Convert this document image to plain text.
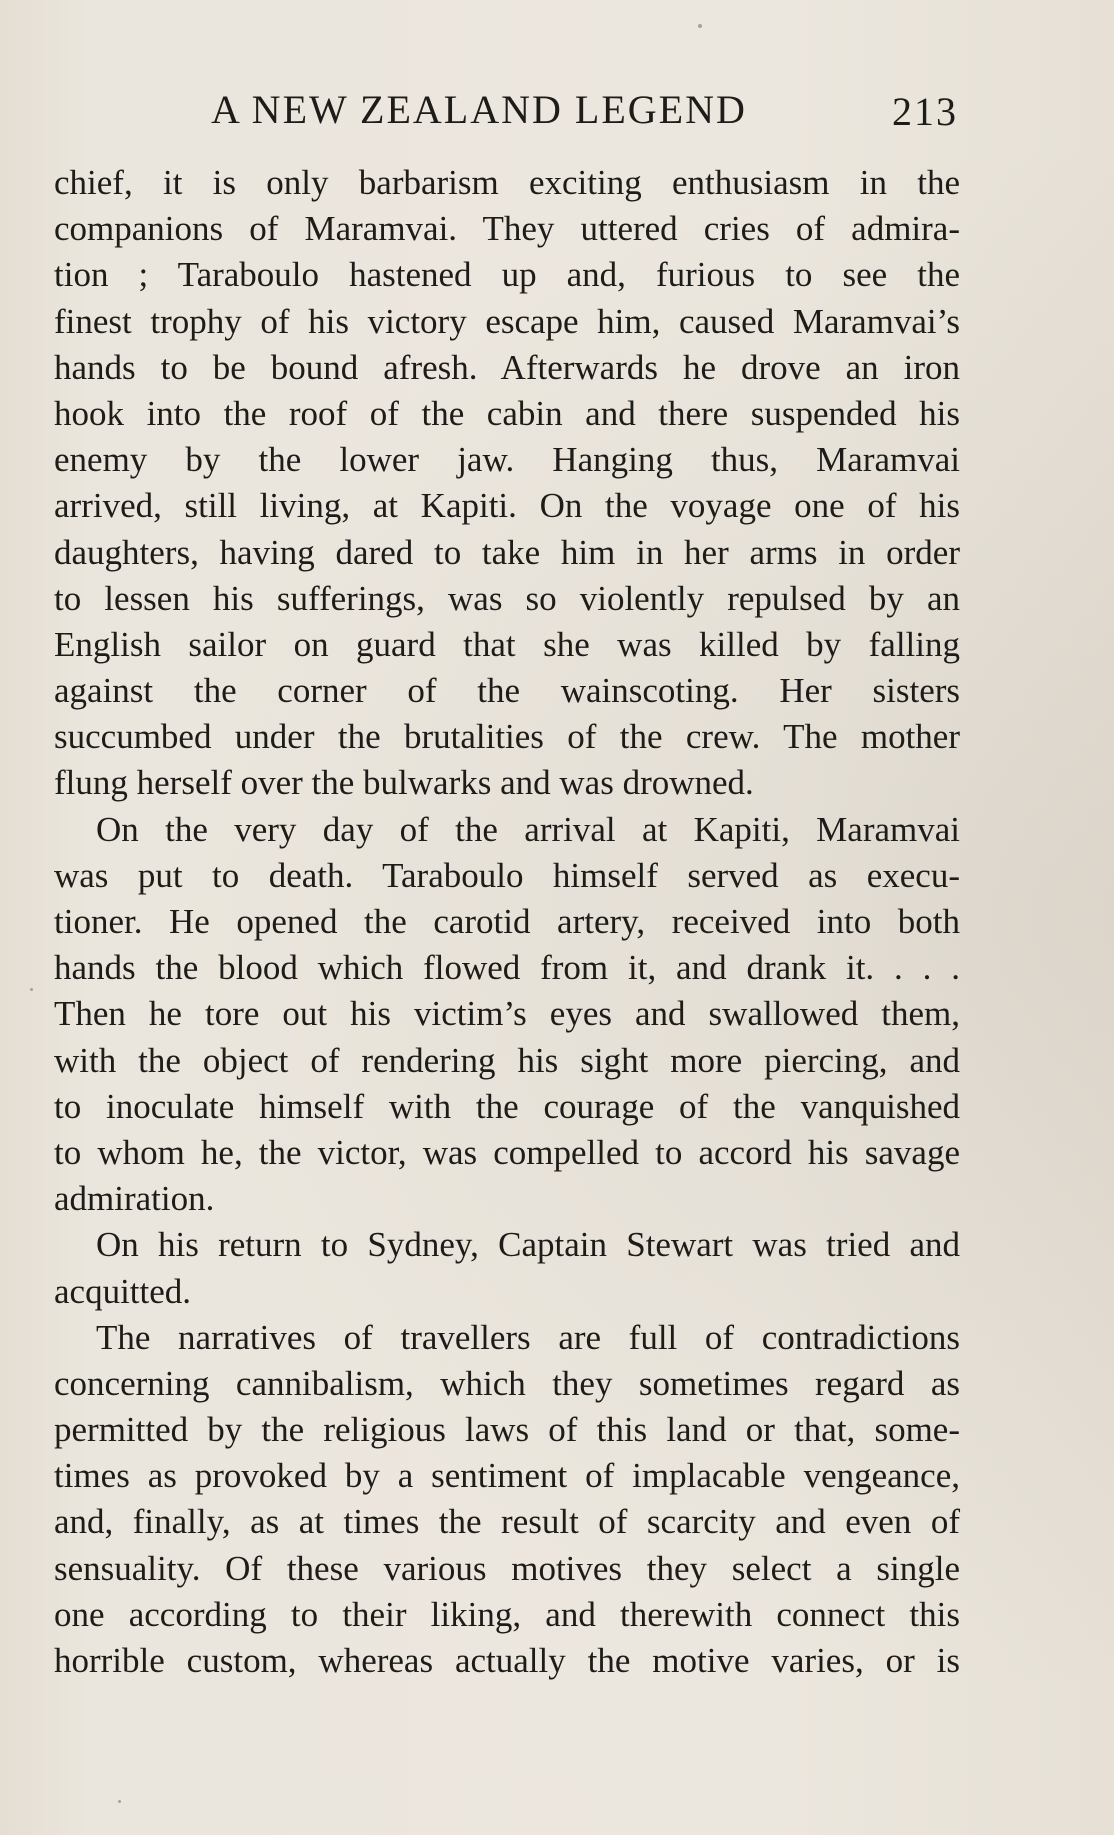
A NEW ZEALAND LEGEND	213
chief, it is only barbarism exciting enthusiasm in the
companions of Maramvai. They uttered cries of admira-
tion ; Taraboulo hastened up and, furious to see the
finest trophy of his victory escape him, caused Maramvai’s
hands to be bound afresh. Afterwards he drove an iron
hook into the roof of the cabin and there suspended his
enemy by the lower jaw. Hanging thus, Maramvai
arrived, still living, at Kapiti. On the voyage one of his
daughters, having dared to take him in her arms in order
to lessen his sufferings, was so violently repulsed by an
English sailor on guard that she was killed by falling
against the corner of the wainscoting. Her sisters
succumbed under the brutalities of the crew. The mother
flung herself over the bulwarks and was drowned.
On the very day of the arrival at Kapiti, Maramvai
was put to death. Taraboulo himself served as execu-
tioner. He opened the carotid artery, received into both
hands the blood which flowed from it, and drank it. . . .
Then he tore out his victim’s eyes and swallowed them,
with the object of rendering his sight more piercing, and
to inoculate himself with the courage of the vanquished
to whom he, the victor, was compelled to accord his savage
admiration.
On his return to Sydney, Captain Stewart was tried and
acquitted.
The narratives of travellers are full of contradictions
concerning cannibalism, which they sometimes regard as
permitted by the religious laws of this land or that, some-
times as provoked by a sentiment of implacable vengeance,
and, finally, as at times the result of scarcity and even of
sensuality. Of these various motives they select a single
one according to their liking, and therewith connect this
horrible custom, whereas actually the motive varies, or is
